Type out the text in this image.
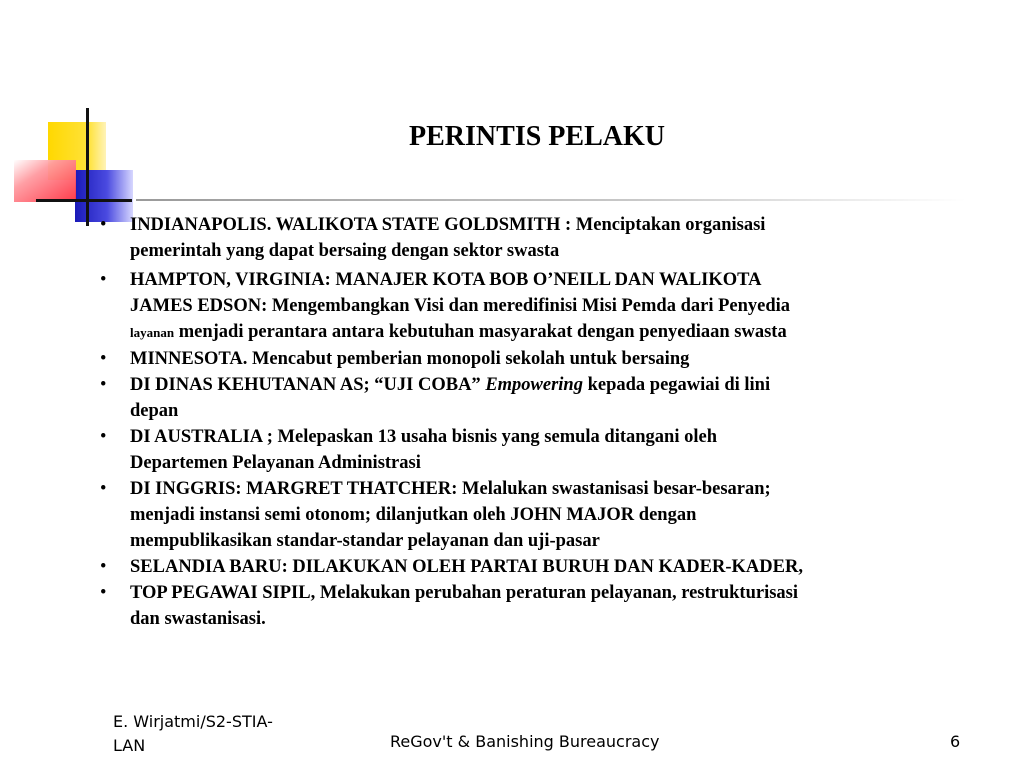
PERINTIS PELAKU
• INDIANAPOLIS. WALIKOTA STATE GOLDSMITH : Menciptakan organisasi
pemerintah yang dapat bersaing dengan sektor swasta
• HAMPTON, VIRGINIA: MANAJER KOTA BOB O’NEILL DAN WALIKOTA
JAMES EDSON: Mengembangkan Visi dan meredifinisi Misi Pemda dari Penyedia
layanan menjadi perantara antara kebutuhan masyarakat dengan penyediaan swasta
• MINNESOTA. Mencabut pemberian monopoli sekolah untuk bersaing
• DI DINAS KEHUTANAN AS; “UJI COBA” Empowering kepada pegawiai di lini
depan
• DI AUSTRALIA ; Melepaskan 13 usaha bisnis yang semula ditangani oleh
Departemen Pelayanan Administrasi
• DI INGGRIS: MARGRET THATCHER: Melalukan swastanisasi besar-besaran;
menjadi instansi semi otonom; dilanjutkan oleh JOHN MAJOR dengan
mempublikasikan standar-standar pelayanan dan uji-pasar
• SELANDIA BARU: DILAKUKAN OLEH PARTAI BURUH DAN KADER-KADER,
• TOP PEGAWAI SIPIL, Melakukan perubahan peraturan pelayanan, restrukturisasi
dan swastanisasi.
E. Wirjatmi/S2-STIA-
LAN	ReGov't & Banishing Bureaucracy	6
